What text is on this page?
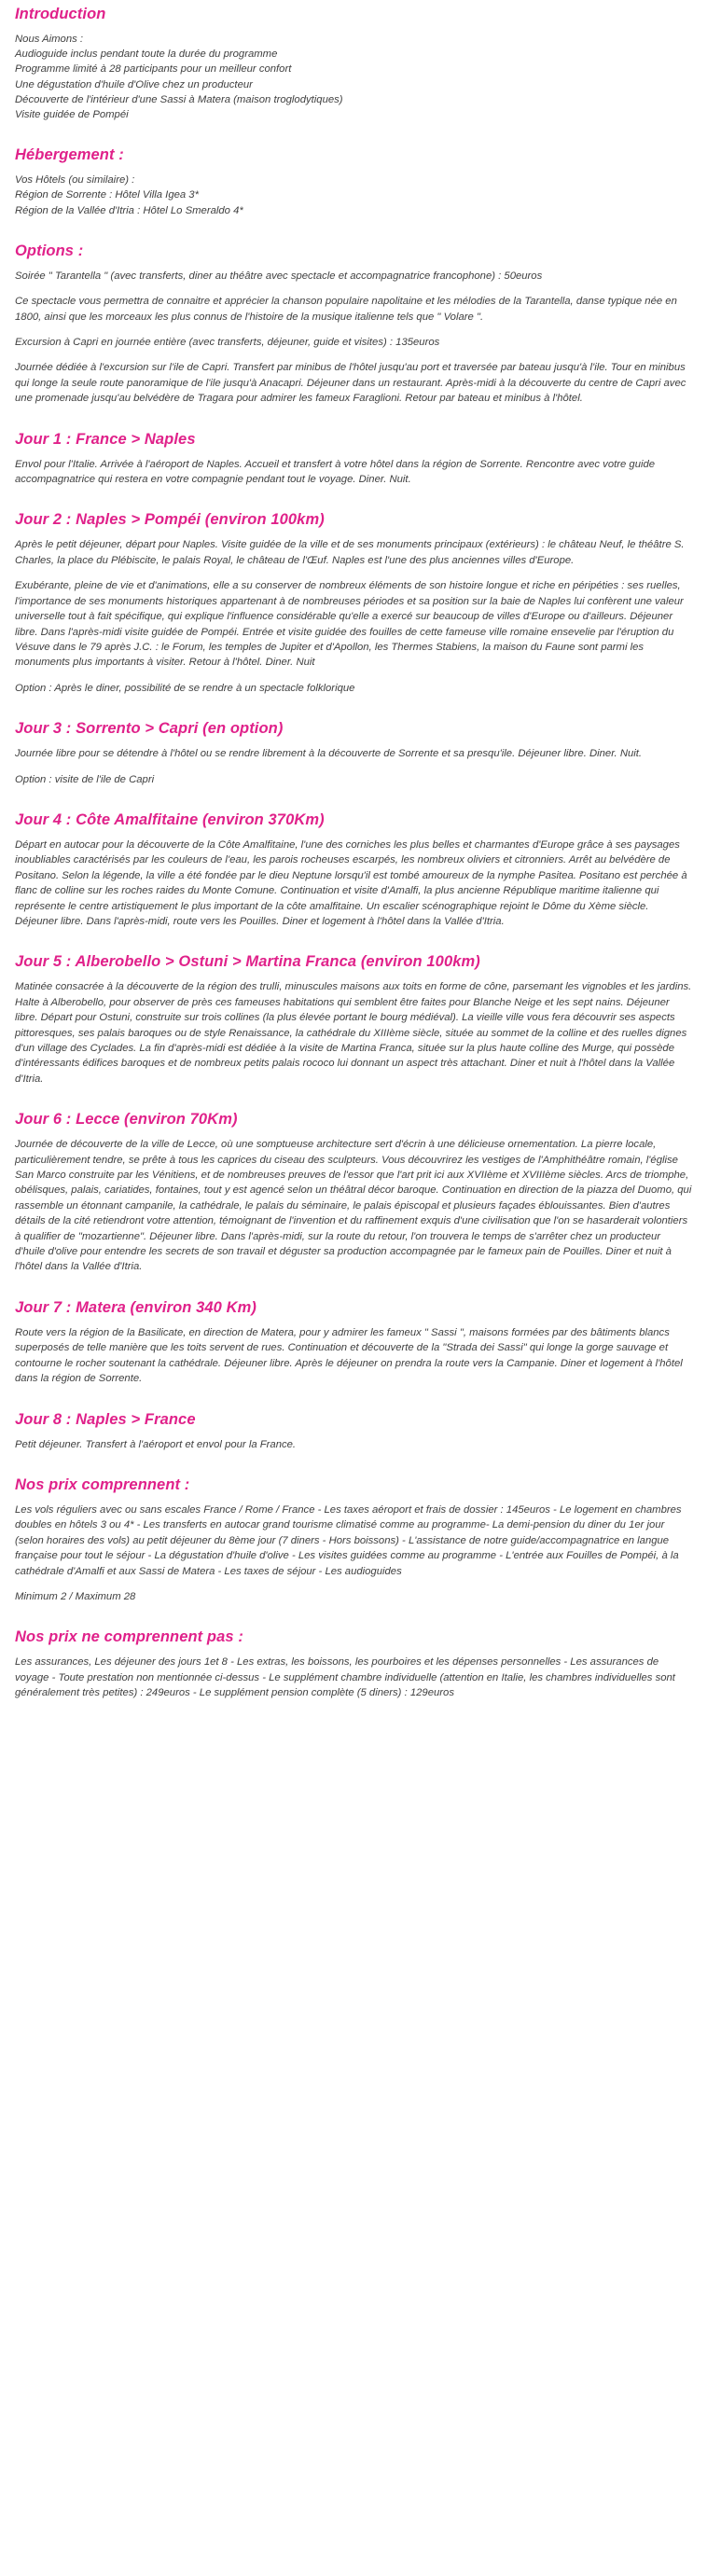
Introduction

Nous Aimons :

Audioguide inclus pendant toute la durée du programme

Programme limité à 28 participants pour un meilleur confort

Une dégustation d'huile d'Olive chez un producteur

Découverte de l'intérieur d'une Sassi à Matera (maison troglodytiques)

Visite guidée de Pompéi

Hébergement :

Vos Hôtels (ou similaire) :

Région de Sorrente : Hôtel Villa Igea 3*

Région de la Vallée d'Itria : Hôtel Lo Smeraldo 4*

Options :

Soirée " Tarantella " (avec transferts, diner au théâtre avec spectacle et accompagnatrice francophone) : 50euros

Ce spectacle vous permettra de connaitre et apprécier la chanson populaire napolitaine et les mélodies de la Tarantella, danse typique née en 1800, ainsi que les morceaux les plus connus de l'histoire de la musique italienne tels que " Volare ".

Excursion à Capri en journée entière (avec transferts, déjeuner, guide et visites) : 135euros

Journée dédiée à l'excursion sur l'ile de Capri. Transfert par minibus de l'hôtel jusqu'au port et traversée par bateau jusqu'à l'ile. Tour en minibus qui longe la seule route panoramique de l'ile jusqu'à Anacapri. Déjeuner dans un restaurant. Après-midi à la découverte du centre de Capri avec une promenade jusqu'au belvédère de Tragara pour admirer les fameux Faraglioni. Retour par bateau et minibus à l'hôtel.

Jour 1 : France > Naples

Envol pour l'Italie. Arrivée à l'aéroport de Naples. Accueil et transfert à votre hôtel dans la région de Sorrente. Rencontre avec votre guide accompagnatrice qui restera en votre compagnie pendant tout le voyage. Diner. Nuit.

Jour 2 : Naples > Pompéi (environ 100km)

Après le petit déjeuner, départ pour Naples. Visite guidée de la ville et de ses monuments principaux (extérieurs) : le château Neuf, le théâtre S. Charles, la place du Plébiscite, le palais Royal, le château de l'Œuf. Naples est l'une des plus anciennes villes d'Europe.

Exubérante, pleine de vie et d'animations, elle a su conserver de nombreux éléments de son histoire longue et riche en péripéties : ses ruelles, l'importance de ses monuments historiques appartenant à de nombreuses périodes et sa position sur la baie de Naples lui confèrent une valeur universelle tout à fait spécifique, qui explique l'influence considérable qu'elle a exercé sur beaucoup de villes d'Europe ou d'ailleurs. Déjeuner libre. Dans l'après-midi visite guidée de Pompéi. Entrée et visite guidée des fouilles de cette fameuse ville romaine ensevelie par l'éruption du Vésuve dans le 79 après J.C. : le Forum, les temples de Jupiter et d'Apollon, les Thermes Stabiens, la maison du Faune sont parmi les monuments plus importants à visiter. Retour à l'hôtel. Diner. Nuit

Option : Après le diner, possibilité de se rendre à un spectacle folklorique

Jour 3 : Sorrento > Capri (en option)

Journée libre pour se détendre à l'hôtel ou se rendre librement à la découverte de Sorrente et sa presqu'ile. Déjeuner libre. Diner. Nuit.

Option : visite de l'ile de Capri

Jour 4 : Côte Amalfitaine (environ 370Km)

Départ en autocar pour la découverte de la Côte Amalfitaine, l'une des corniches les plus belles et charmantes d'Europe grâce à ses paysages inoubliables caractérisés par les couleurs de l'eau, les parois rocheuses escarpés, les nombreux oliviers et citronniers. Arrêt au belvédère de Positano. Selon la légende, la ville a été fondée par le dieu Neptune lorsqu'il est tombé amoureux de la nymphe Pasitea. Positano est perchée à flanc de colline sur les roches raides du Monte Comune. Continuation et visite d'Amalfi, la plus ancienne République maritime italienne qui représente le centre artistiquement le plus important de la côte amalfitaine. Un escalier scénographique rejoint le Dôme du Xème siècle. Déjeuner libre. Dans l'après-midi, route vers les Pouilles. Diner et logement à l'hôtel dans la Vallée d'Itria.

Jour 5 : Alberobello > Ostuni > Martina Franca (environ 100km)

Matinée consacrée à la découverte de la région des trulli, minuscules maisons aux toits en forme de cône, parsemant les vignobles et les jardins. Halte à Alberobello, pour observer de près ces fameuses habitations qui semblent être faites pour Blanche Neige et les sept nains. Déjeuner libre. Départ pour Ostuni, construite sur trois collines (la plus élevée portant le bourg médiéval). La vieille ville vous fera découvrir ses aspects pittoresques, ses palais baroques ou de style Renaissance, la cathédrale du XIIIème siècle, située au sommet de la colline et des ruelles dignes d'un village des Cyclades. La fin d'après-midi est dédiée à la visite de Martina Franca, située sur la plus haute colline des Murge, qui possède d'intéressants édifices baroques et de nombreux petits palais rococo lui donnant un aspect très attachant. Diner et nuit à l'hôtel dans la Vallée d'Itria.

Jour 6 : Lecce (environ 70Km)

Journée de découverte de la ville de Lecce, où une somptueuse architecture sert d'écrin à une délicieuse ornementation. La pierre locale, particulièrement tendre, se prête à tous les caprices du ciseau des sculpteurs. Vous découvrirez les vestiges de l'Amphithéâtre romain, l'église San Marco construite par les Vénitiens, et de nombreuses preuves de l'essor que l'art prit ici aux XVIIème et XVIIIème siècles. Arcs de triomphe, obélisques, palais, cariatides, fontaines, tout y est agencé selon un théâtral décor baroque. Continuation en direction de la piazza del Duomo, qui rassemble un étonnant campanile, la cathédrale, le palais du séminaire, le palais épiscopal et plusieurs façades éblouissantes. Bien d'autres détails de la cité retiendront votre attention, témoignant de l'invention et du raffinement exquis d'une civilisation que l'on se hasarderait volontiers à qualifier de "mozartienne". Déjeuner libre. Dans l'après-midi, sur la route du retour, l'on trouvera le temps de s'arrêter chez un producteur d'huile d'olive pour entendre les secrets de son travail et déguster sa production accompagnée par le fameux pain de Pouilles. Diner et nuit à l'hôtel dans la Vallée d'Itria.

Jour 7 : Matera (environ 340 Km)

Route vers la région de la Basilicate, en direction de Matera, pour y admirer les fameux " Sassi ", maisons formées par des bâtiments blancs superposés de telle manière que les toits servent de rues. Continuation et découverte de la "Strada dei Sassi" qui longe la gorge sauvage et contourne le rocher soutenant la cathédrale. Déjeuner libre. Après le déjeuner on prendra la route vers la Campanie. Diner et logement à l'hôtel dans la région de Sorrente.

Jour 8 : Naples > France

Petit déjeuner. Transfert à l'aéroport et envol pour la France.

Nos prix comprennent :

Les vols réguliers avec ou sans escales France / Rome / France - Les taxes aéroport et frais de dossier : 145euros - Le logement en chambres doubles en hôtels 3 ou 4* - Les transferts en autocar grand tourisme climatisé comme au programme- La demi-pension du diner du 1er jour (selon horaires des vols) au petit déjeuner du 8ème jour (7 diners - Hors boissons) - L'assistance de notre guide/accompagnatrice en langue française pour tout le séjour - La dégustation d'huile d'olive - Les visites guidées comme au programme - L'entrée aux Fouilles de Pompéi, à la cathédrale d'Amalfi et aux Sassi de Matera - Les taxes de séjour - Les audioguides

Minimum 2 / Maximum 28

Nos prix ne comprennent pas :

Les assurances, Les déjeuner des jours 1et 8 - Les extras, les boissons, les pourboires et les dépenses personnelles - Les assurances de voyage - Toute prestation non mentionnée ci-dessus - Le supplément chambre individuelle (attention en Italie, les chambres individuelles sont généralement très petites) : 249euros - Le supplément pension complète (5 diners) : 129euros
